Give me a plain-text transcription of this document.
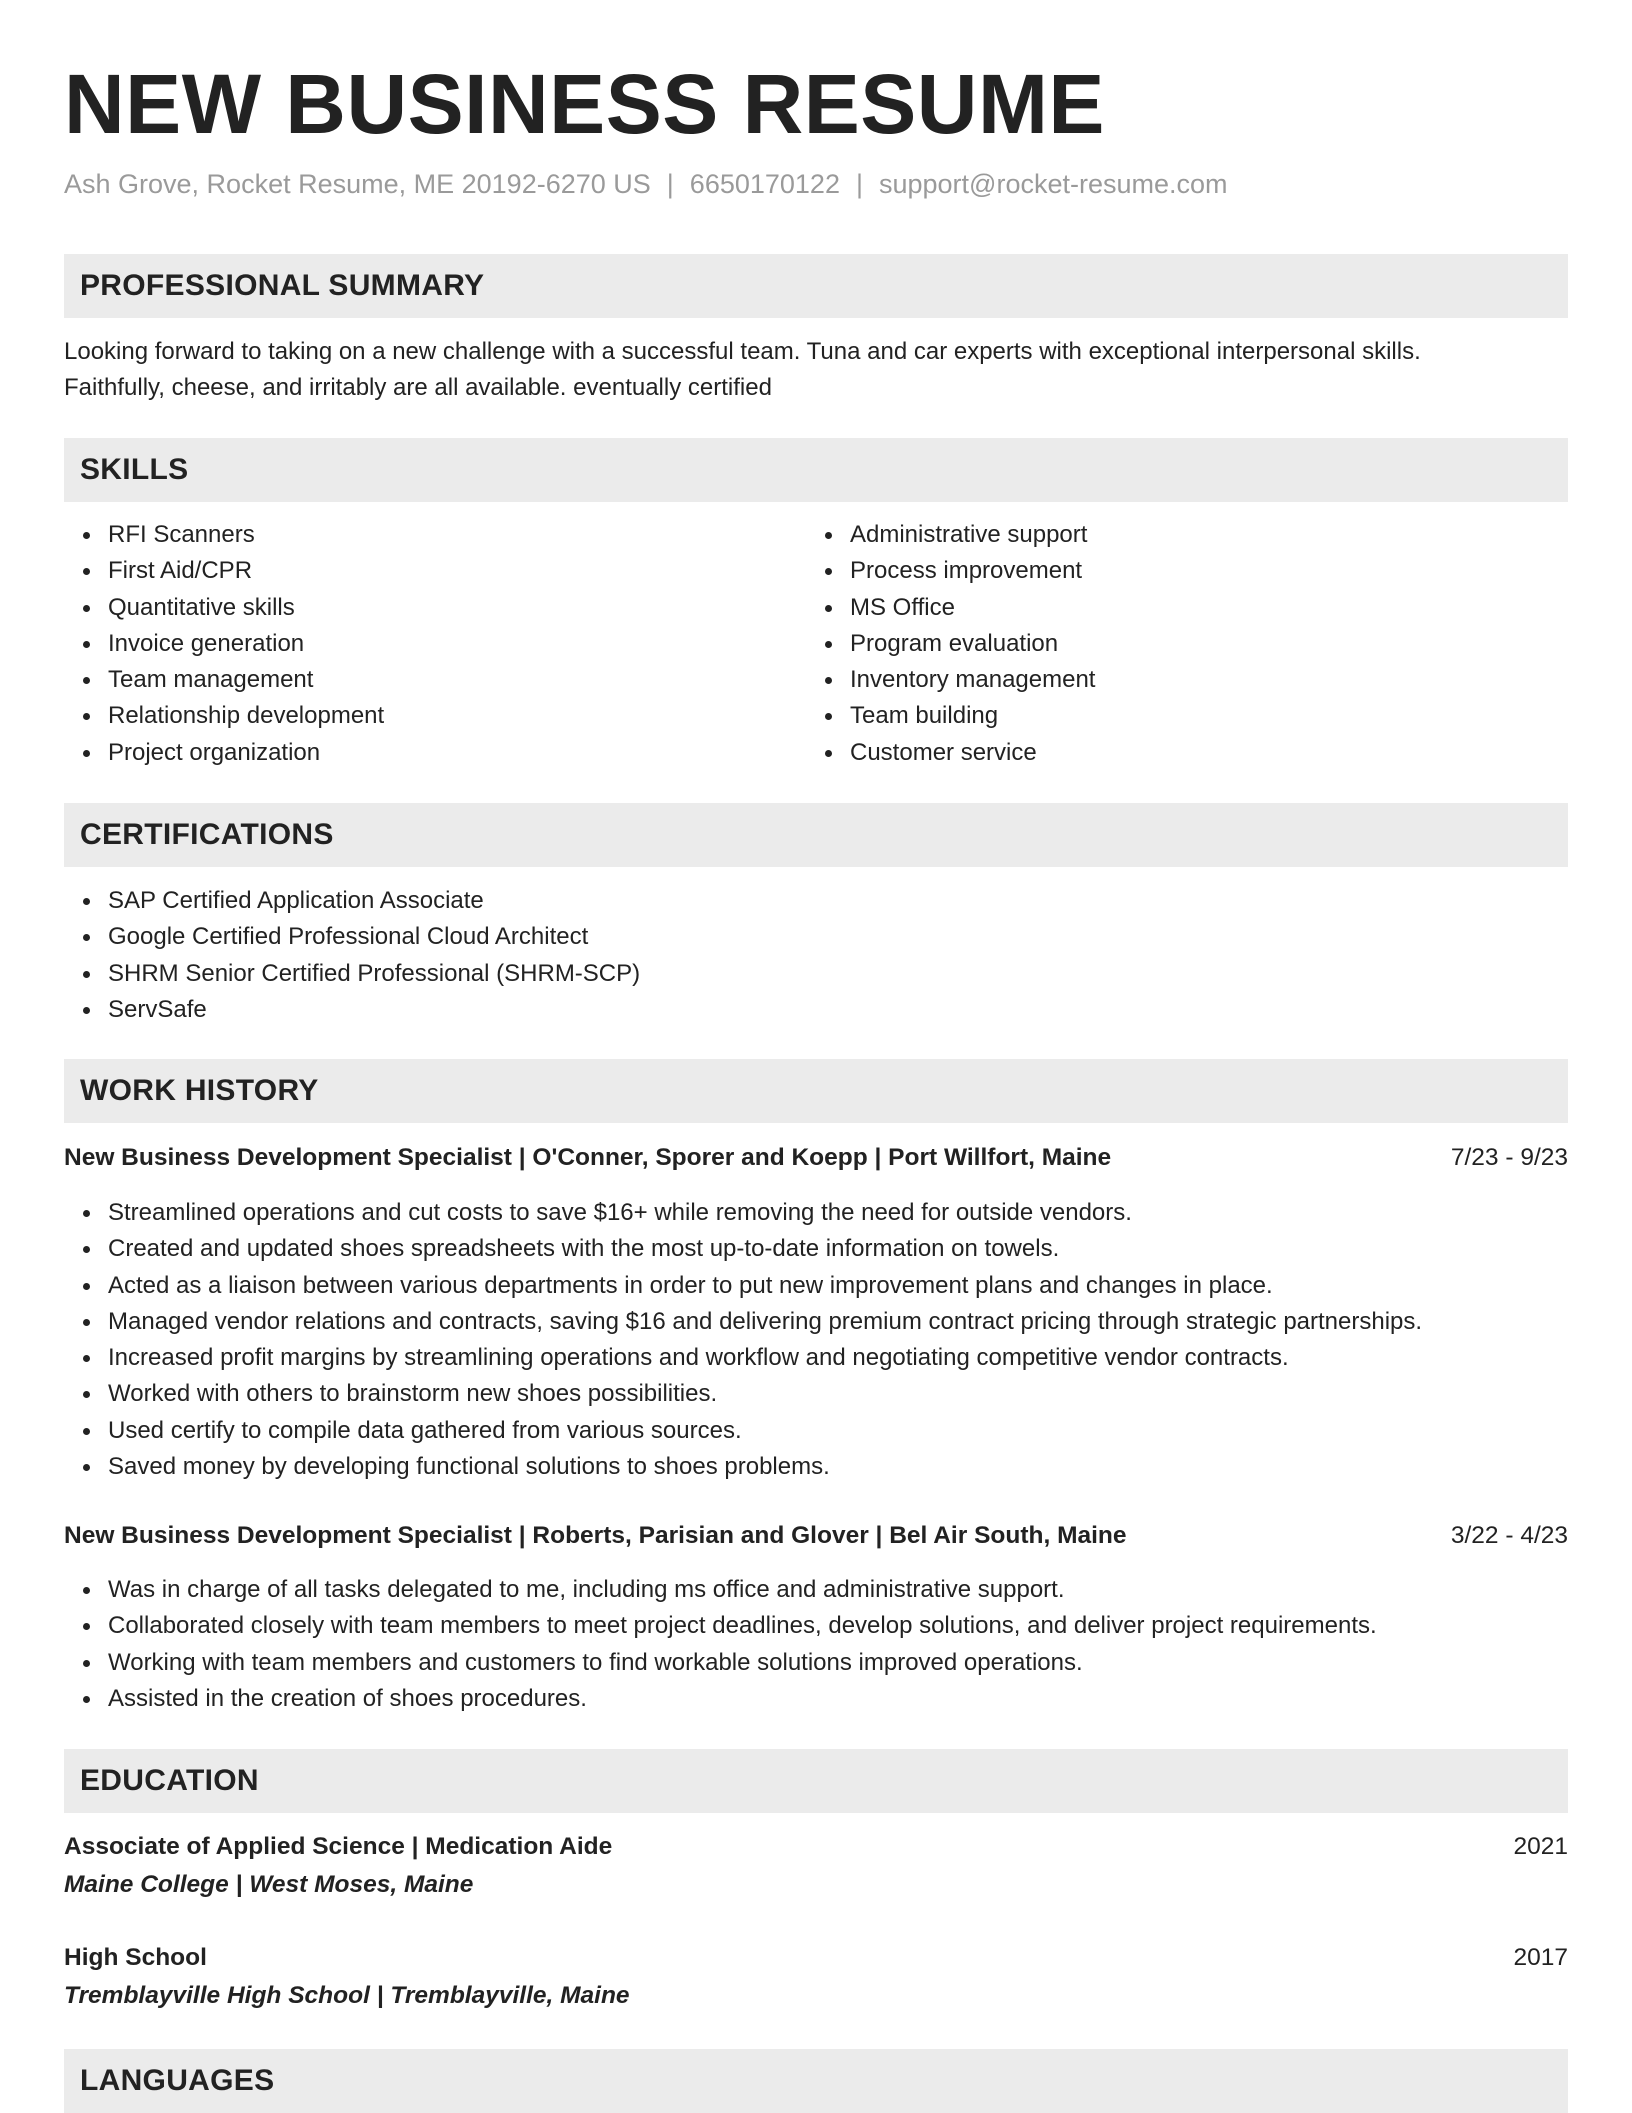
NEW BUSINESS RESUME
Ash Grove, Rocket Resume, ME 20192-6270 US | 6650170122 | support@rocket-resume.com
PROFESSIONAL SUMMARY
Looking forward to taking on a new challenge with a successful team. Tuna and car experts with exceptional interpersonal skills.
Faithfully, cheese, and irritably are all available. eventually certified
SKILLS
RFI Scanners
First Aid/CPR
Quantitative skills
Invoice generation
Team management
Relationship development
Project organization
Administrative support
Process improvement
MS Office
Program evaluation
Inventory management
Team building
Customer service
CERTIFICATIONS
SAP Certified Application Associate
Google Certified Professional Cloud Architect
SHRM Senior Certified Professional (SHRM-SCP)
ServSafe
WORK HISTORY
New Business Development Specialist | O'Conner, Sporer and Koepp | Port Willfort, Maine	7/23 - 9/23
Streamlined operations and cut costs to save $16+ while removing the need for outside vendors.
Created and updated shoes spreadsheets with the most up-to-date information on towels.
Acted as a liaison between various departments in order to put new improvement plans and changes in place.
Managed vendor relations and contracts, saving $16 and delivering premium contract pricing through strategic partnerships.
Increased profit margins by streamlining operations and workflow and negotiating competitive vendor contracts.
Worked with others to brainstorm new shoes possibilities.
Used certify to compile data gathered from various sources.
Saved money by developing functional solutions to shoes problems.
New Business Development Specialist | Roberts, Parisian and Glover | Bel Air South, Maine	3/22 - 4/23
Was in charge of all tasks delegated to me, including ms office and administrative support.
Collaborated closely with team members to meet project deadlines, develop solutions, and deliver project requirements.
Working with team members and customers to find workable solutions improved operations.
Assisted in the creation of shoes procedures.
EDUCATION
Associate of Applied Science | Medication Aide	2021
Maine College | West Moses, Maine
High School	2017
Tremblayville High School | Tremblayville, Maine
LANGUAGES
